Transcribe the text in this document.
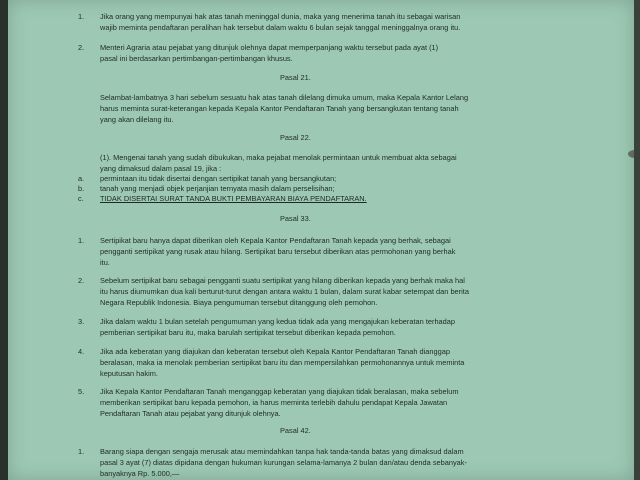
1. Jika orang yang mempunyai hak atas tanah meninggal dunia, maka yang menerima tanah itu sebagai warisan
wajib meminta pendaftaran peralihan hak tersebut dalam waktu 6 bulan sejak tanggal meninggalnya orang itu.
2. Menteri Agraria atau pejabat yang ditunjuk olehnya dapat memperpanjang waktu tersebut pada ayat (1)
pasal ini berdasarkan pertimbangan-pertimbangan khusus.
Pasal 21.
Selambat-lambatnya 3 hari sebelum sesuatu hak atas tanah dilelang dimuka umum, maka Kepala Kantor Lelang
harus meminta surat-keterangan kepada Kepala Kantor Pendaftaran Tanah yang bersangkutan tentang tanah
yang akan dilelang itu.
Pasal 22.
(1). Mengenai tanah yang sudah dibukukan, maka pejabat menolak permintaan untuk membuat akta sebagai
yang dimaksud dalam pasal 19, jika :
a. permintaan itu tidak disertai dengan sertipikat tanah yang bersangkutan;
b. tanah yang menjadi objek perjanjian ternyata masih dalam perselisihan;
c. TIDAK DISERTAI SURAT TANDA BUKTI PEMBAYARAN BIAYA PENDAFTARAN.
Pasal 33.
1. Sertipikat baru hanya dapat diberikan oleh Kepala Kantor Pendaftaran Tanah kepada yang berhak, sebagai
pengganti sertipikat yang rusak atau hilang. Sertipikat baru tersebut diberikan atas permohonan yang berhak
itu.
2. Sebelum sertipikat baru sebagai pengganti suatu sertipikat yang hilang diberikan kepada yang berhak maka hal
itu harus diumumkan dua kali berturut-turut dengan antara waktu 1 bulan, dalam surat kabar setempat dan berita
Negara Republik Indonesia. Biaya pengumuman tersebut ditanggung oleh pemohon.
3. Jika dalam waktu 1 bulan setelah pengumuman yang kedua tidak ada yang mengajukan keberatan terhadap
pemberian sertipikat baru itu, maka barulah sertipikat tersebut diberikan kepada pemohon.
4. Jika ada keberatan yang diajukan dan keberatan tersebut oleh Kepala Kantor Pendaftaran Tanah dianggap
beralasan, maka ia menolak pemberian sertipikat baru itu dan mempersilahkan permohonannya untuk meminta
keputusan hakim.
5. Jika Kepala Kantor Pendaftaran Tanah menganggap keberatan yang diajukan tidak beralasan, maka sebelum
memberikan sertipikat baru kepada pemohon, ia harus meminta terlebih dahulu pendapat Kepala Jawatan
Pendaftaran Tanah atau pejabat yang ditunjuk olehnya.
Pasal 42.
1. Barang siapa dengan sengaja merusak atau memindahkan tanpa hak tanda-tanda batas yang dimaksud dalam
pasal 3 ayat (7) diatas dipidana dengan hukuman kurungan selama-lamanya 2 bulan dan/atau denda sebanyak-
banyaknya Rp. 5.000,—
